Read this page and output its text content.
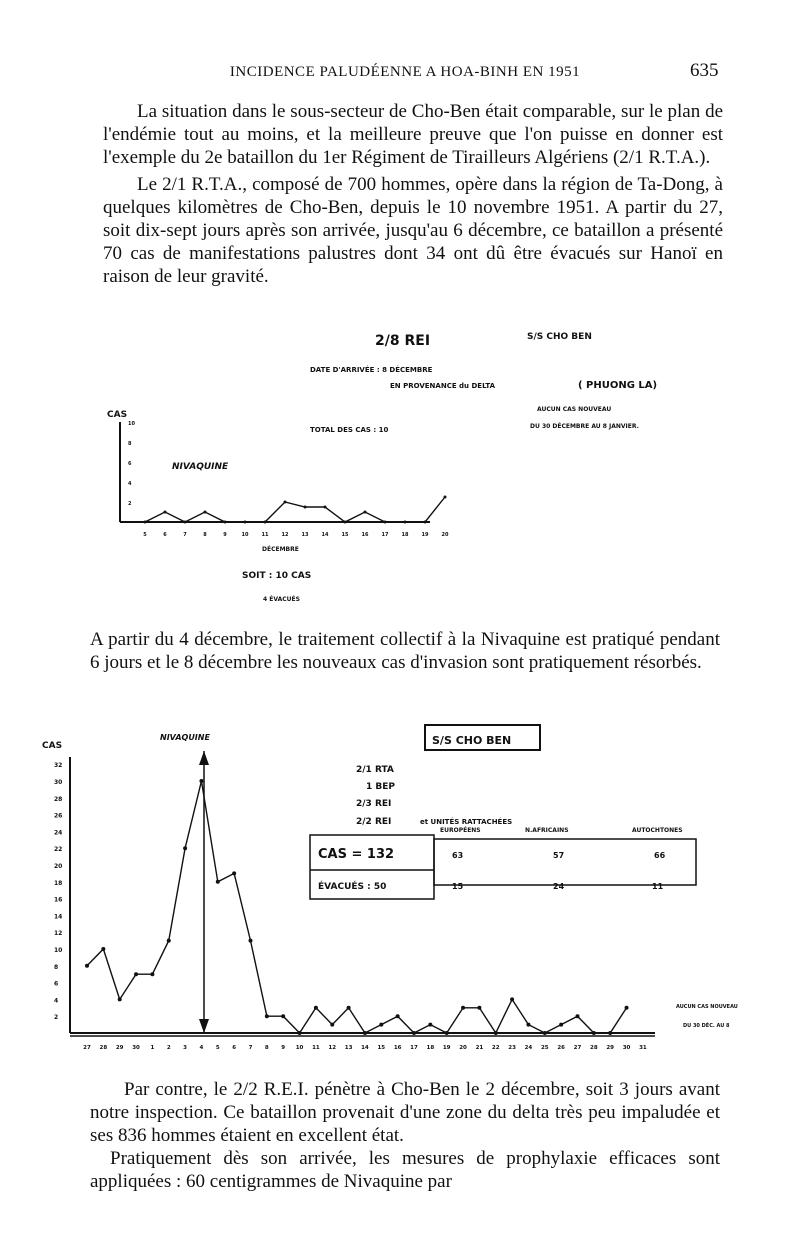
INCIDENCE PALUDÉENNE A HOA-BINH EN 1951	635

La situation dans le sous-secteur de Cho-Ben était comparable, sur le plan de l'endémie tout au moins, et la meilleure preuve que l'on puisse en donner est l'exemple du 2e bataillon du 1er Régiment de Tirailleurs Algériens (2/1 R.T.A.).

Le 2/1 R.T.A., composé de 700 hommes, opère dans la région de Ta-Dong, à quelques kilomètres de Cho-Ben, depuis le 10 novembre 1951. A partir du 27, soit dix-sept jours après son arrivée, jusqu'au 6 décembre, ce bataillon a présenté 70 cas de manifestations palustres dont 34 ont dû être évacués sur Hanoï en raison de leur gravité.

2/8 REI	S/S CHO BEN
DATE D'ARRIVÉE : 8 DÉCEMBRE
EN PROVENANCE du DELTA	( PHUONG LA)
CAS
TOTAL DES CAS : 10
AUCUN CAS NOUVEAU
DU 30 DÉCEMBRE AU 8 JANVIER.
NIVAQUINE
2
4
6
8
10
5	6	7	8	9	10	11	12	13	14	15	16	17	18	19	20
DÉCEMBRE
SOIT : 10 CAS
4 ÉVACUÉS

A partir du 4 décembre, le traitement collectif à la Nivaquine est pratiqué pendant 6 jours et le 8 décembre les nouveaux cas d'invasion sont pratiquement résorbés.

CAS
NIVAQUINE	S/S CHO BEN
2/1 RTA
1 BEP
2/3 REI
2/2 REI	et UNITÉS RATTACHÉES
EUROPÉENS	N.AFRICAINS	AUTOCHTONES
CAS = 132	63	57	66
ÉVACUÉS : 50	15	24	11
AUCUN CAS NOUVEAU
DU 30 DÉC. AU 8
2
4
6
8
10
12
14
16
18
20
22
24
26
28
30
32
27 28 29 30 1 2 3 4 5 6 7 8 9 10 11 12 13 14 15 16 17 18 19 20 21 22 23 24 25 26 27 28 29 30 31

Par contre, le 2/2 R.E.I. pénètre à Cho-Ben le 2 décembre, soit 3 jours avant notre inspection. Ce bataillon provenait d'une zone du delta très peu impaludée et ses 836 hommes étaient en excellent état.

Pratiquement dès son arrivée, les mesures de prophylaxie efficaces sont appliquées : 60 centigrammes de Nivaquine par
